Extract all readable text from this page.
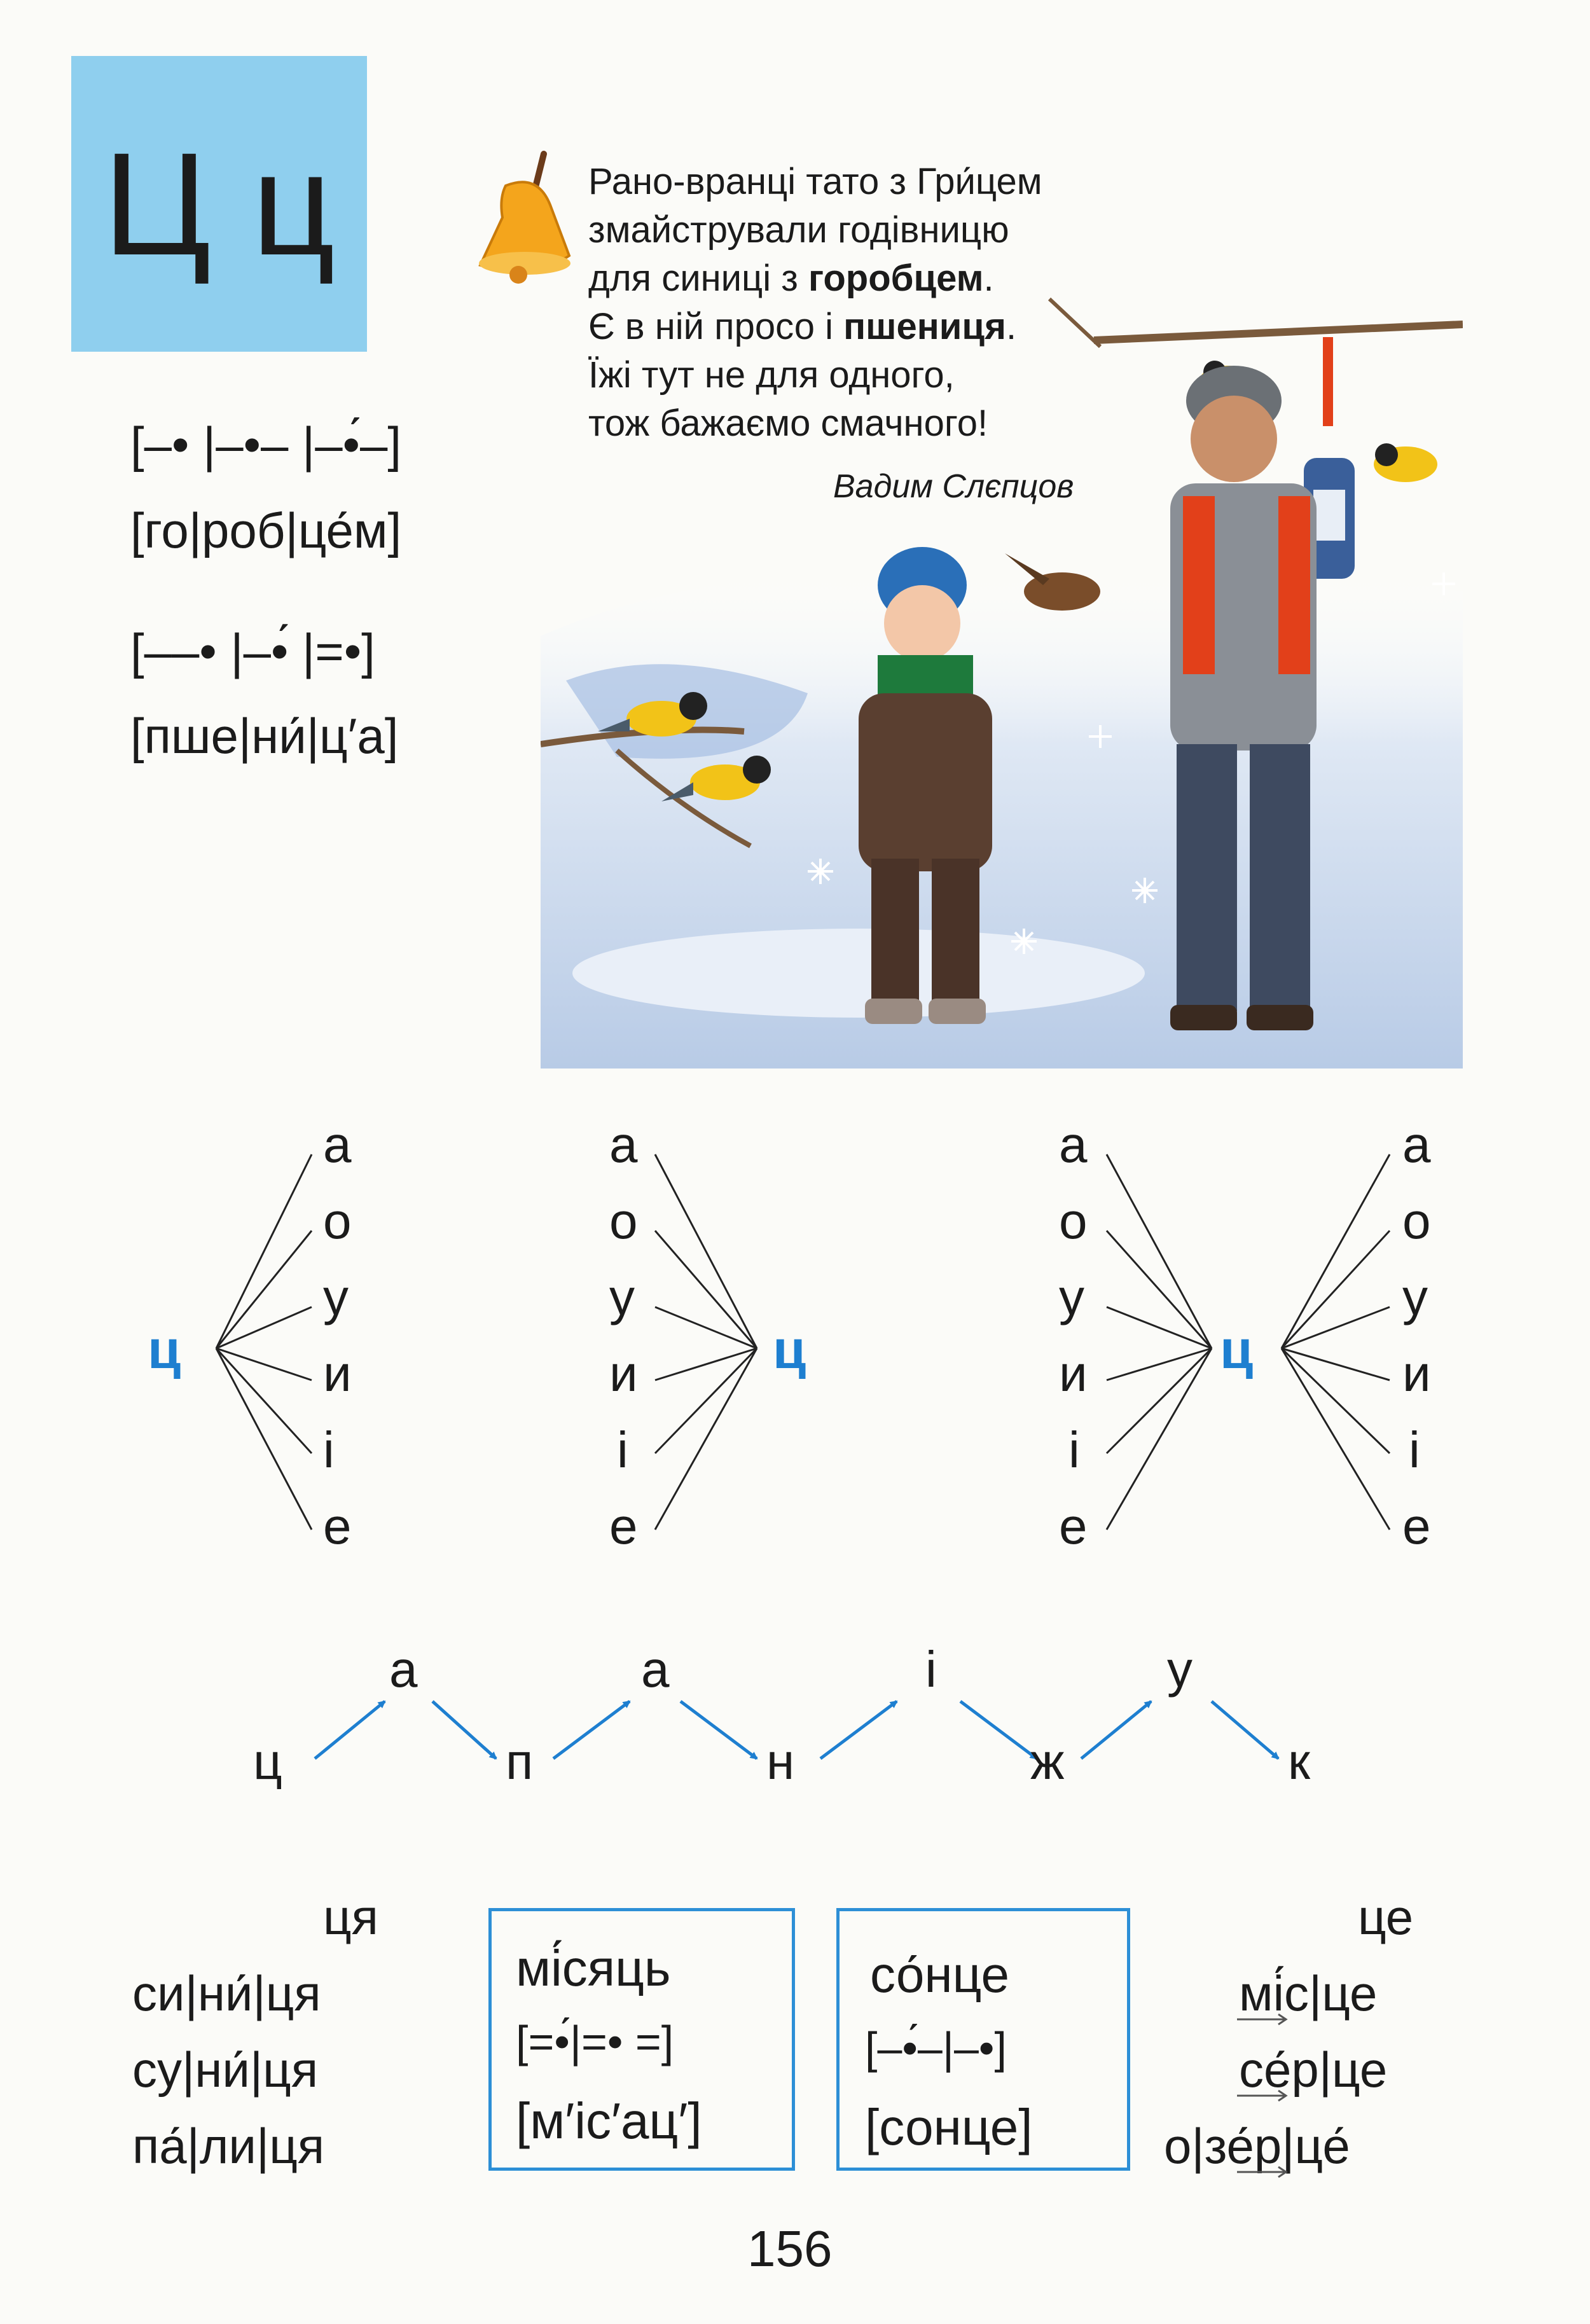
Ц ц
[–• |–•– |–•́–]
[го|роб|це́м]
[––• |–•́ |=•]
[пше|ни́|ц′а]
Рано-вранці тато з Гри́цем
змайстрували годівницю
для синиці з горобцем.
Є в ній просо і пшениця.
Їжі тут не для одного,
тож бажаємо смачного!
Вадим Слєпцов
ц
а
о
у
и
і
е
а
о
у
и
і
е
ц
а
о
у
и
і
е
ц
а
о
у
и
і
е
ц
а
п
а
н
і
ж
у
к
ця
си|ни́|ця
су|ни́|ця
па́|ли|ця
мі́сяць
[=•́|=• =]
[м′іс′ац′]
со́нце
[–•́–|–•]
[сонце]
це
мі́с|це
се́р|це
о|зе́р|це́
156
